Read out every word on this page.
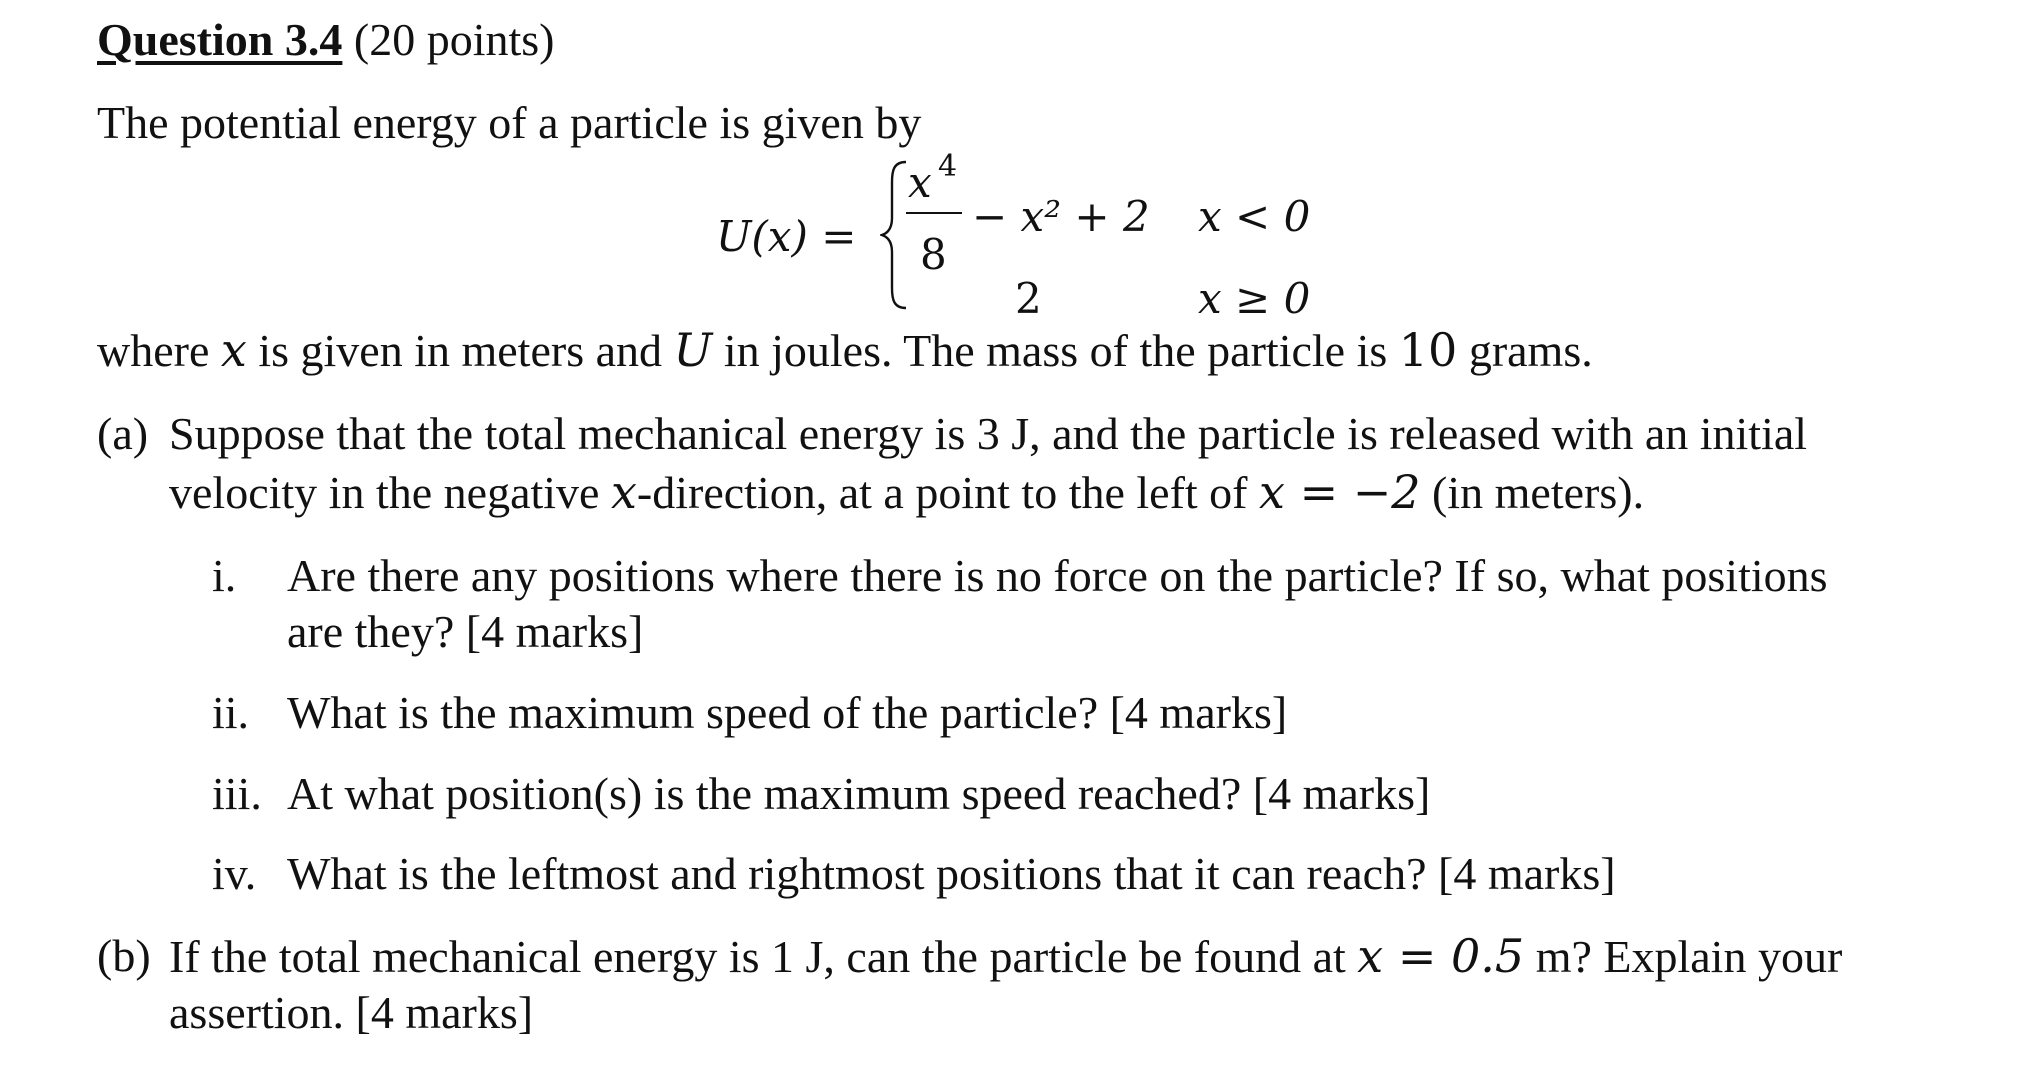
Question 3.4 (20 points)
The potential energy of a particle is given by
U(x) =
x 4
8
− x² + 2 x < 0
2	x ≥ 0
where x is given in meters and U in joules. The mass of the particle is 10 grams.
(a) Suppose that the total mechanical energy is 3 J, and the particle is released with an initial
velocity in the negative x-direction, at a point to the left of x = −2 (in meters).
i. Are there any positions where there is no force on the particle? If so, what positions
are they? [4 marks]
ii. What is the maximum speed of the particle? [4 marks]
iii. At what position(s) is the maximum speed reached? [4 marks]
iv. What is the leftmost and rightmost positions that it can reach? [4 marks]
(b) If the total mechanical energy is 1 J, can the particle be found at x = 0.5 m? Explain your
assertion. [4 marks]
